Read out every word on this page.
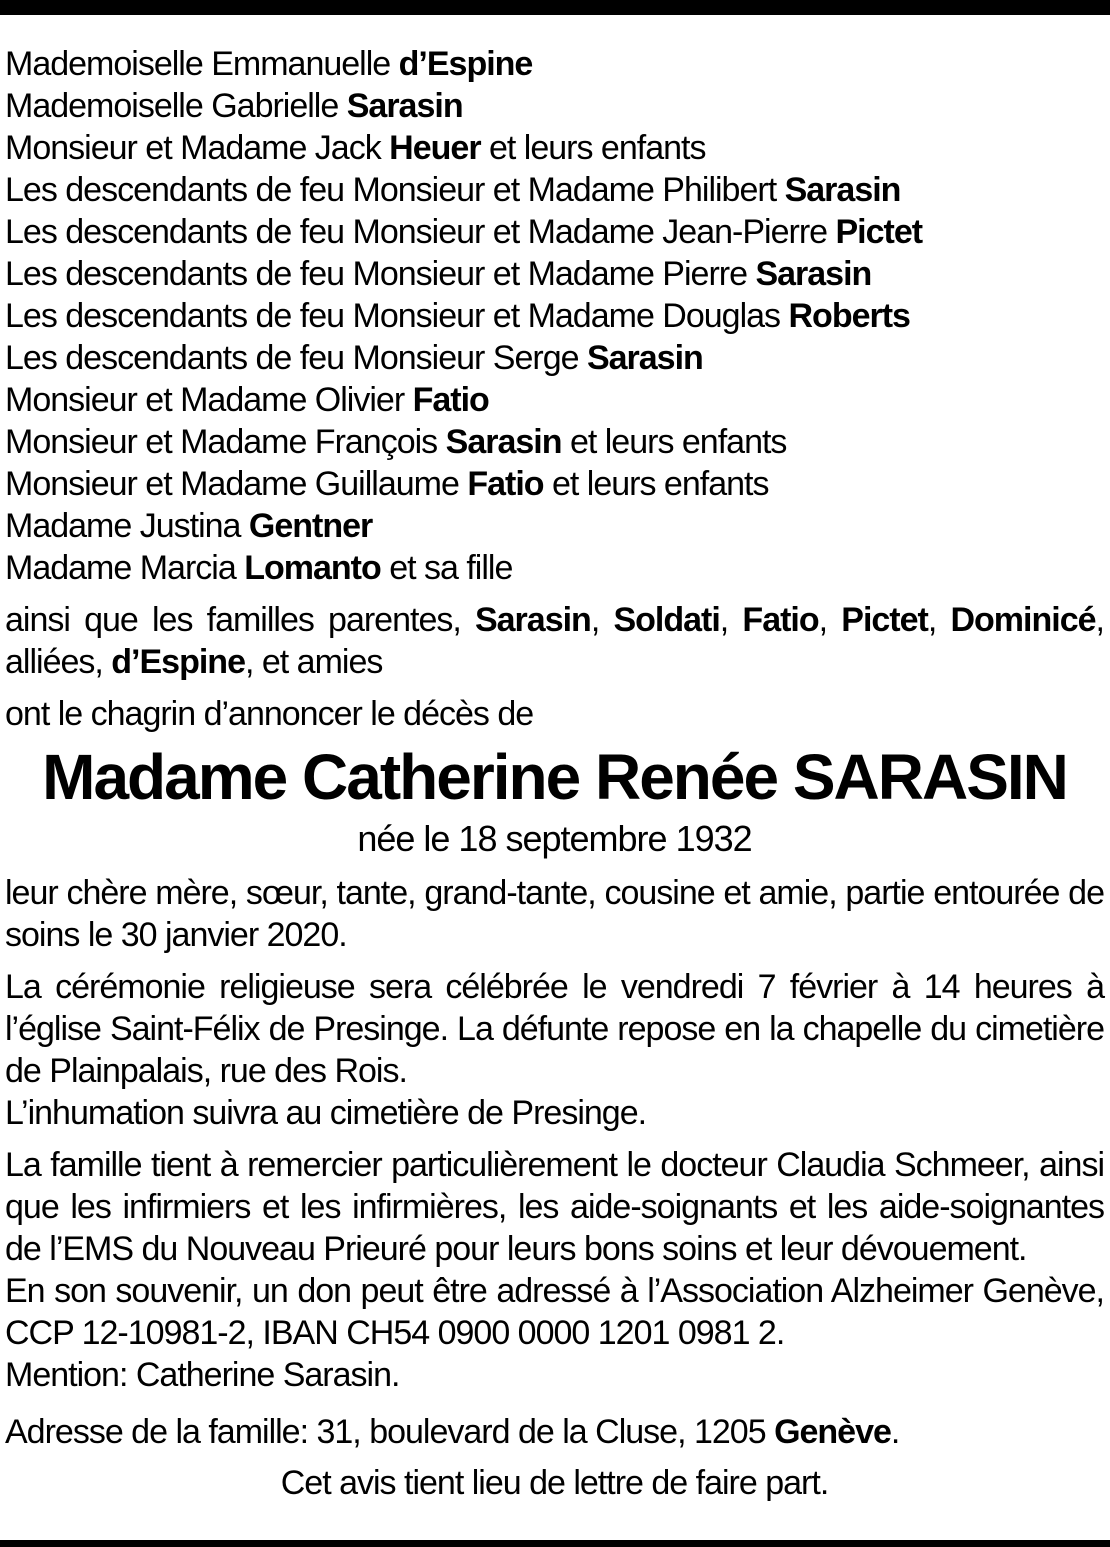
Mademoiselle Emmanuelle d’Espine
Mademoiselle Gabrielle Sarasin
Monsieur et Madame Jack Heuer et leurs enfants
Les descendants de feu Monsieur et Madame Philibert Sarasin
Les descendants de feu Monsieur et Madame Jean-Pierre Pictet
Les descendants de feu Monsieur et Madame Pierre Sarasin
Les descendants de feu Monsieur et Madame Douglas Roberts
Les descendants de feu Monsieur Serge Sarasin
Monsieur et Madame Olivier Fatio
Monsieur et Madame François Sarasin et leurs enfants
Monsieur et Madame Guillaume Fatio et leurs enfants
Madame Justina Gentner
Madame Marcia Lomanto et sa fille

ainsi que les familles parentes, Sarasin, Soldati, Fatio, Pictet, Dominicé, alliées, d’Espine, et amies

ont le chagrin d’annoncer le décès de

Madame Catherine Renée SARASIN
née le 18 septembre 1932

leur chère mère, sœur, tante, grand-tante, cousine et amie, partie entourée de soins le 30 janvier 2020.

La cérémonie religieuse sera célébrée le vendredi 7 février à 14 heures à l’église Saint-Félix de Presinge. La défunte repose en la chapelle du cimetière de Plainpalais, rue des Rois.

L’inhumation suivra au cimetière de Presinge.

La famille tient à remercier particulièrement le docteur Claudia Schmeer, ainsi que les infirmiers et les infirmières, les aide-soignants et les aide-soignantes de l’EMS du Nouveau Prieuré pour leurs bons soins et leur dévouement.

En son souvenir, un don peut être adressé à l’Association Alzheimer Genève, CCP 12-10981-2, IBAN CH54 0900 0000 1201 0981 2.

Mention: Catherine Sarasin.

Adresse de la famille: 31, boulevard de la Cluse, 1205 Genève.

Cet avis tient lieu de lettre de faire part.
